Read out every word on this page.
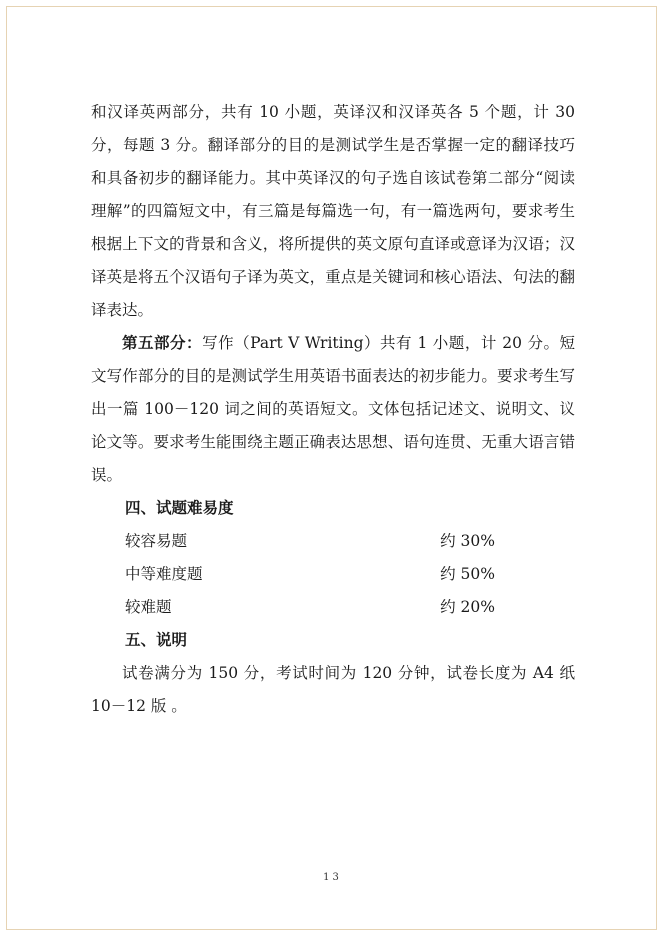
和汉译英两部分，共有 10 小题，英译汉和汉译英各 5 个题，计 30 分，每题 3 分。翻译部分的目的是测试学生是否掌握一定的翻译技巧和具备初步的翻译能力。其中英译汉的句子选自该试卷第二部分“阅读理解”的四篇短文中，有三篇是每篇选一句，有一篇选两句，要求考生根据上下文的背景和含义，将所提供的英文原句直译或意译为汉语；汉译英是将五个汉语句子译为英文，重点是关键词和核心语法、句法的翻译表达。

第五部分：写作（Part V Writing）共有 1 小题，计 20 分。短文写作部分的目的是测试学生用英语书面表达的初步能力。要求考生写出一篇 100－120 词之间的英语短文。文体包括记述文、说明文、议论文等。要求考生能围绕主题正确表达思想、语句连贯、无重大语言错误。

四、试题难易度

较容易题	约 30%
中等难度题	约 50%
较难题	约 20%

五、说明

试卷满分为 150 分，考试时间为 120 分钟，试卷长度为 A4 纸 10－12 版 。

13
